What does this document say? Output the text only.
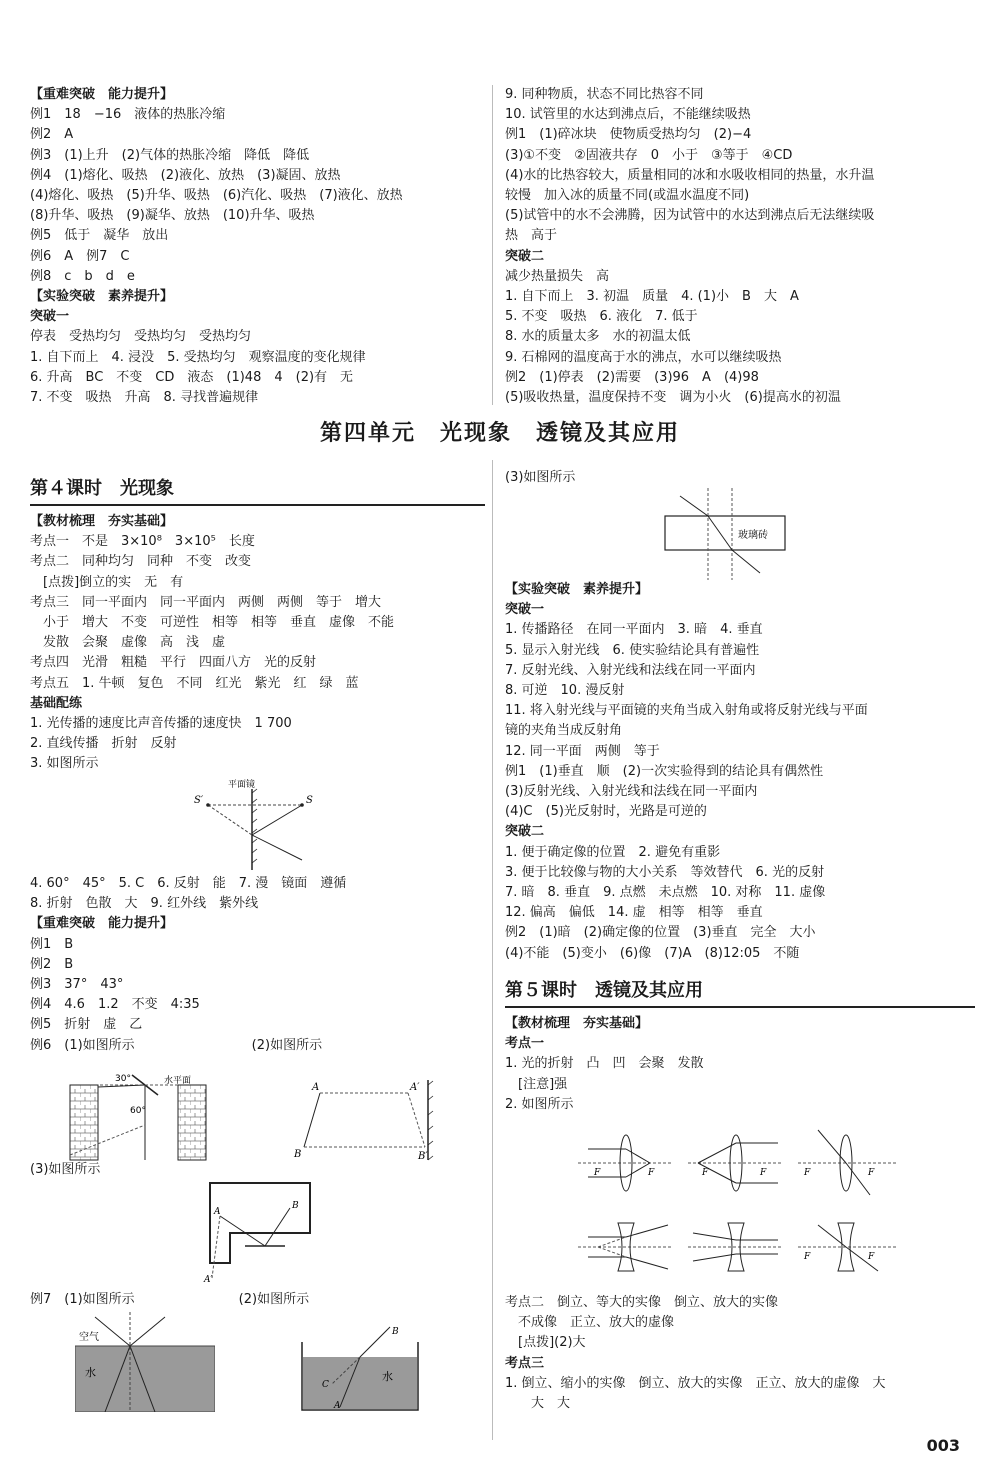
【重难突破　能力提升】
例1　18　−16　液体的热胀冷缩
例2　A
例3　(1)上升　(2)气体的热胀冷缩　降低　降低
例4　(1)熔化、吸热　(2)液化、放热　(3)凝固、放热
(4)熔化、吸热　(5)升华、吸热　(6)汽化、吸热　(7)液化、放热
(8)升华、吸热　(9)凝华、放热　(10)升华、吸热
例5　低于　凝华　放出
例6　A　例7　C
例8　c　b　d　e
【实验突破　素养提升】
突破一
停表　受热均匀　受热均匀　受热均匀
1. 自下而上　4. 浸没　5. 受热均匀　观察温度的变化规律
6. 升高　BC　不变　CD　液态　(1)48　4　(2)有　无
7. 不变　吸热　升高　8. 寻找普遍规律
9. 同种物质，状态不同比热容不同
10. 试管里的水达到沸点后，不能继续吸热
例1　(1)碎冰块　使物质受热均匀　(2)−4
(3)①不变　②固液共存　0　小于　③等于　④CD
(4)水的比热容较大，质量相同的冰和水吸收相同的热量，水升温
较慢　加入冰的质量不同(或温水温度不同)
(5)试管中的水不会沸腾，因为试管中的水达到沸点后无法继续吸
热　高于
突破二
减少热量损失　高
1. 自下而上　3. 初温　质量　4. (1)小　B　大　A
5. 不变　吸热　6. 液化　7. 低于
8. 水的质量太多　水的初温太低
9. 石棉网的温度高于水的沸点，水可以继续吸热
例2　(1)停表　(2)需要　(3)96　A　(4)98
(5)吸收热量，温度保持不变　调为小火　(6)提高水的初温
第四单元　光现象　透镜及其应用
第４课时　光现象
【教材梳理　夯实基础】
考点一　不是　3×10⁸　3×10⁵　长度
考点二　同种均匀　同种　不变　改变
　[点拨]倒立的实　无　有
考点三　同一平面内　同一平面内　两侧　两侧　等于　增大
　小于　增大　不变　可逆性　相等　相等　垂直　虚像　不能
　发散　会聚　虚像　高　浅　虚
考点四　光滑　粗糙　平行　四面八方　光的反射
考点五　1. 牛顿　复色　不同　红光　紫光　红　绿　蓝
基础配练
1. 光传播的速度比声音传播的速度快　1 700
2. 直线传播　折射　反射
3. 如图所示
平面镜
S′	S
4. 60°　45°　5. C　6. 反射　能　7. 漫　镜面　遵循
8. 折射　色散　大　9. 红外线　紫外线
【重难突破　能力提升】
例1　B
例2　B
例3　37°　43°
例4　4.6　1.2　不变　4:35
例5　折射　虚　乙
例6　(1)如图所示　　　　　　　　　(2)如图所示
水平面
30°
60°
A	A′
B	B′
(3)如图所示
A
B
A′
例7　(1)如图所示　　　　　　　　(2)如图所示
空气
水
B
C
A
水
(3)如图所示
玻璃砖
【实验突破　素养提升】
突破一
1. 传播路径　在同一平面内　3. 暗　4. 垂直
5. 显示入射光线　6. 使实验结论具有普遍性
7. 反射光线、入射光线和法线在同一平面内
8. 可逆　10. 漫反射
11. 将入射光线与平面镜的夹角当成入射角或将反射光线与平面
镜的夹角当成反射角
12. 同一平面　两侧　等于
例1　(1)垂直　顺　(2)一次实验得到的结论具有偶然性
(3)反射光线、入射光线和法线在同一平面内
(4)C　(5)光反射时，光路是可逆的
突破二
1. 便于确定像的位置　2. 避免有重影
3. 便于比较像与物的大小关系　等效替代　6. 光的反射
7. 暗　8. 垂直　9. 点燃　未点燃　10. 对称　11. 虚像
12. 偏高　偏低　14. 虚　相等　相等　垂直
例2　(1)暗　(2)确定像的位置　(3)垂直　完全　大小
(4)不能　(5)变小　(6)像　(7)A　(8)12:05　不随
第５课时　透镜及其应用
【教材梳理　夯实基础】
考点一
1. 光的折射　凸　凹　会聚　发散
　[注意]强
2. 如图所示
F	F	F	F	F	F
F	F
考点二　倒立、等大的实像　倒立、放大的实像
　不成像　正立、放大的虚像
　[点拨](2)大
考点三
1. 倒立、缩小的实像　倒立、放大的实像　正立、放大的虚像　大
　　大　大
003
